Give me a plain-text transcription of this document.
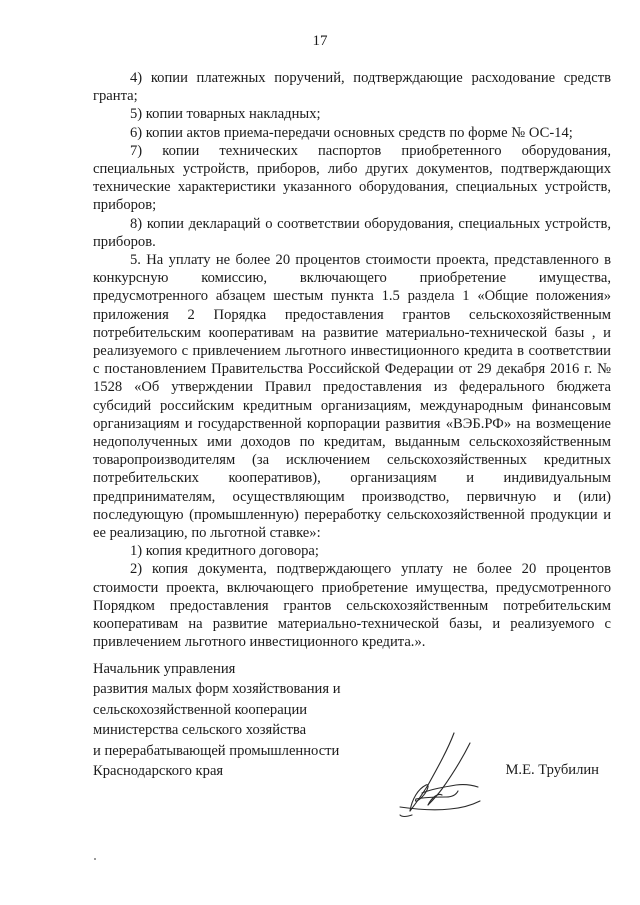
17

4) копии платежных поручений, подтверждающие расходование средств гранта;

5) копии товарных накладных;

6) копии актов приема-передачи основных средств по форме № ОС-14;

7) копии технических паспортов приобретенного оборудования, специальных устройств, приборов, либо других документов, подтверждающих технические характеристики указанного оборудования, специальных устройств, приборов;

8) копии деклараций о соответствии оборудования, специальных устройств, приборов.

5. На уплату не более 20 процентов стоимости проекта, представленного в конкурсную комиссию, включающего приобретение имущества, предусмотренного абзацем шестым пункта 1.5 раздела 1 «Общие положения» приложения 2 Порядка предоставления грантов сельскохозяйственным потребительским кооперативам на развитие материально-технической базы , и реализуемого с привлечением льготного инвестиционного кредита в соответствии с постановлением Правительства Российской Федерации от 29 декабря 2016 г. № 1528 «Об утверждении Правил предоставления из федерального бюджета субсидий российским кредитным организациям, международным финансовым организациям и государственной корпорации развития «ВЭБ.РФ» на возмещение недополученных ими доходов по кредитам, выданным сельскохозяйственным товаропроизводителям (за исключением сельскохозяйственных кредитных потребительских кооперативов), организациям и индивидуальным предпринимателям, осуществляющим производство, первичную и (или) последующую (промышленную) переработку сельскохозяйственной продукции и ее реализацию, по льготной ставке»:

1) копия кредитного договора;

2) копия документа, подтверждающего уплату не более 20 процентов стоимости проекта, включающего приобретение имущества, предусмотренного Порядком предоставления грантов сельскохозяйственным потребительским кооперативам на развитие материально-технической базы, и реализуемого с привлечением льготного инвестиционного кредита.».

Начальник управления
развития малых форм хозяйствования и
сельскохозяйственной кооперации
министерства сельского хозяйства
и перерабатывающей промышленности
Краснодарского края	М.Е. Трубилин
